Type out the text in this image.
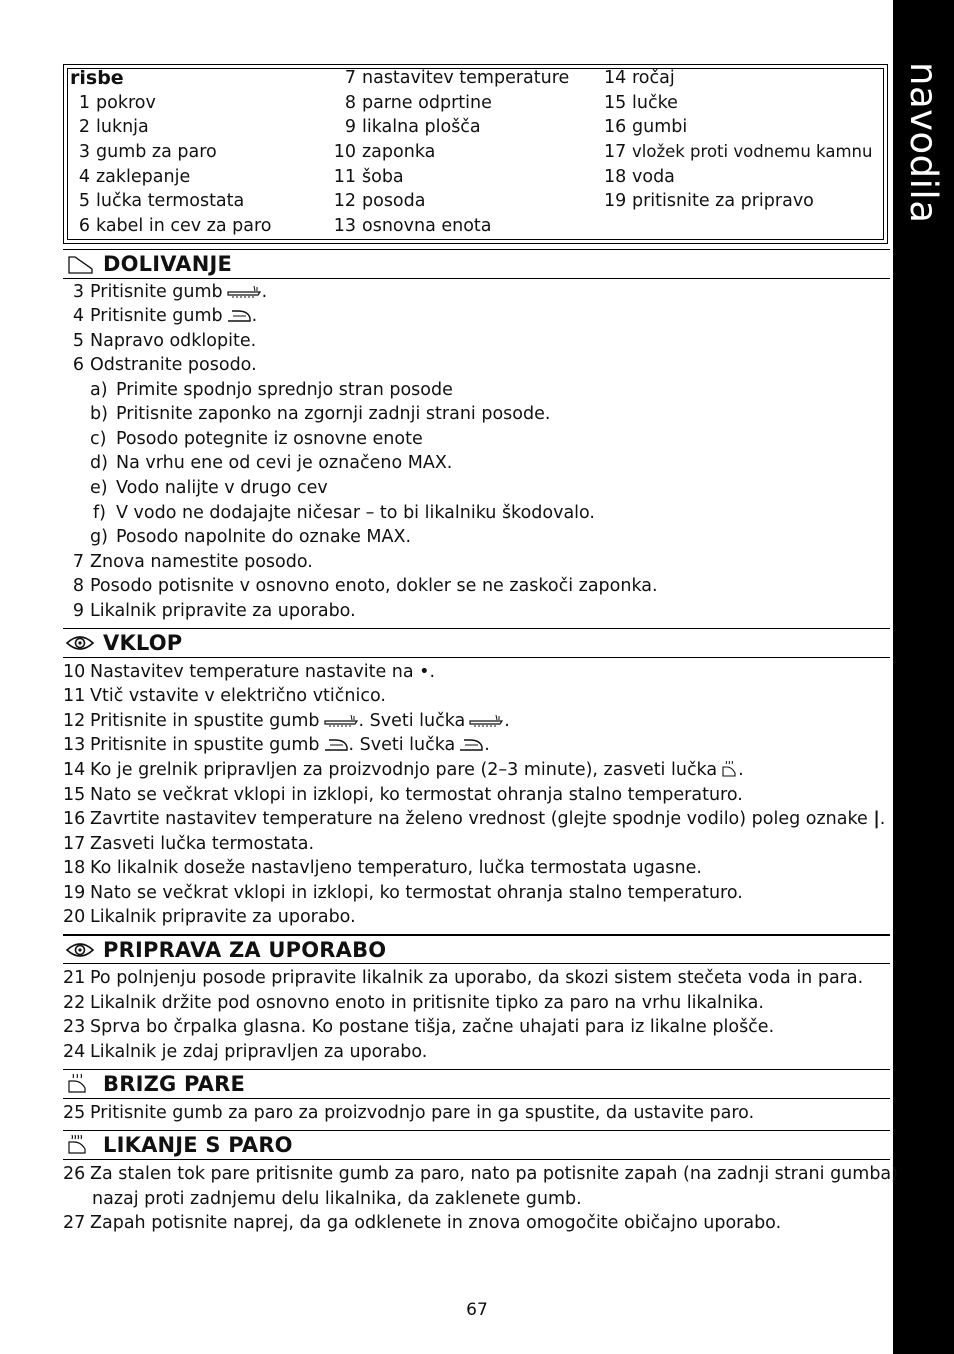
navodila
risbe
1 pokrov
2 luknja
3 gumb za paro
4 zaklepanje
5 lučka termostata
6 kabel in cev za paro
7 nastavitev temperature
8 parne odprtine
9 likalna plošča
10 zaponka
11 šoba
12 posoda
13 osnovna enota
14 ročaj
15 lučke
16 gumbi
17 vložek proti vodnemu kamnu
18 voda
19 pritisnite za pripravo
DOLIVANJE
3 Pritisnite gumb .
4 Pritisnite gumb .
5 Napravo odklopite.
6 Odstranite posodo.
a) Primite spodnjo sprednjo stran posode
b) Pritisnite zaponko na zgornji zadnji strani posode.
c) Posodo potegnite iz osnovne enote
d) Na vrhu ene od cevi je označeno MAX.
e) Vodo nalijte v drugo cev
f) V vodo ne dodajajte ničesar – to bi likalniku škodovalo.
g) Posodo napolnite do oznake MAX.
7 Znova namestite posodo.
8 Posodo potisnite v osnovno enoto, dokler se ne zaskoči zaponka.
9 Likalnik pripravite za uporabo.
VKLOP
10 Nastavitev temperature nastavite na •.
11 Vtič vstavite v električno vtičnico.
12 Pritisnite in spustite gumb . Sveti lučka .
13 Pritisnite in spustite gumb . Sveti lučka .
14 Ko je grelnik pripravljen za proizvodnjo pare (2–3 minute), zasveti lučka .
15 Nato se večkrat vklopi in izklopi, ko termostat ohranja stalno temperaturo.
16 Zavrtite nastavitev temperature na želeno vrednost (glejte spodnje vodilo) poleg oznake |.
17 Zasveti lučka termostata.
18 Ko likalnik doseže nastavljeno temperaturo, lučka termostata ugasne.
19 Nato se večkrat vklopi in izklopi, ko termostat ohranja stalno temperaturo.
20 Likalnik pripravite za uporabo.
PRIPRAVA ZA UPORABO
21 Po polnjenju posode pripravite likalnik za uporabo, da skozi sistem stečeta voda in para.
22 Likalnik držite pod osnovno enoto in pritisnite tipko za paro na vrhu likalnika.
23 Sprva bo črpalka glasna. Ko postane tišja, začne uhajati para iz likalne plošče.
24 Likalnik je zdaj pripravljen za uporabo.
BRIZG PARE
25 Pritisnite gumb za paro za proizvodnjo pare in ga spustite, da ustavite paro.
LIKANJE S PARO
26 Za stalen tok pare pritisnite gumb za paro, nato pa potisnite zapah (na zadnji strani gumba)
nazaj proti zadnjemu delu likalnika, da zaklenete gumb.
27 Zapah potisnite naprej, da ga odklenete in znova omogočite običajno uporabo.
67
